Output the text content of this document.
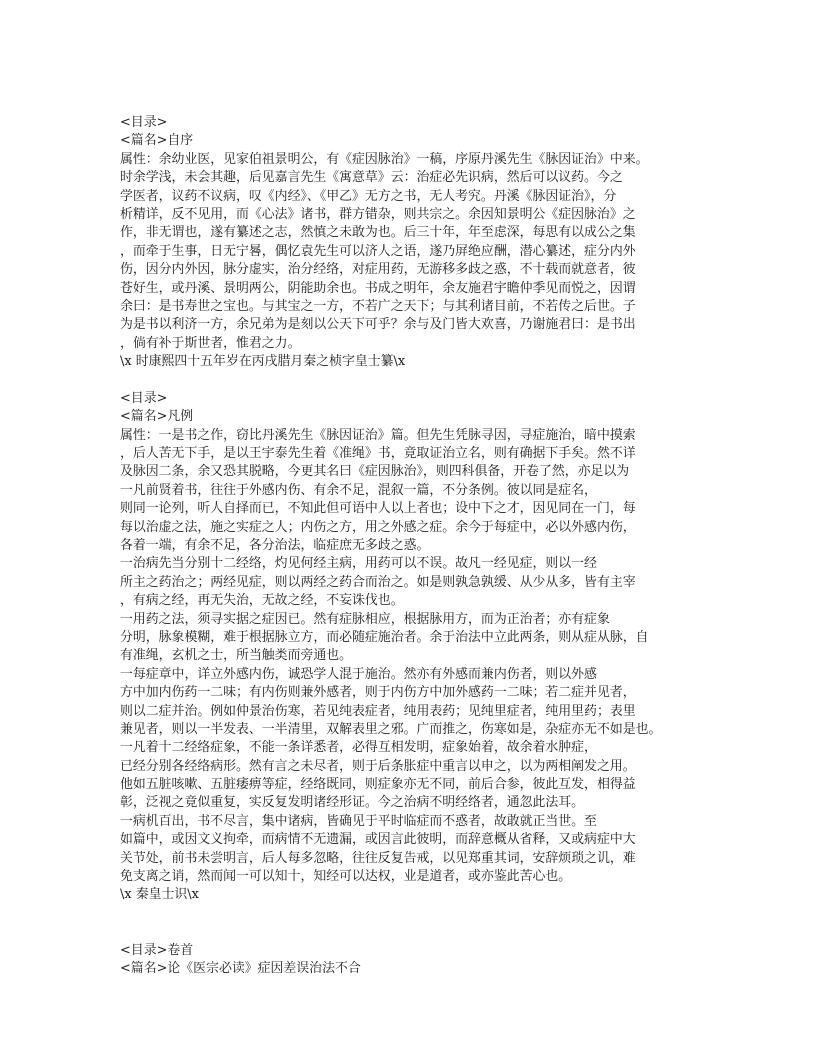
<目录>
<篇名>自序
属性：余幼业医，见家伯祖景明公，有《症因脉治》一稿，序原丹溪先生《脉因证治》中来。
时余学浅，未会其趣，后见嘉言先生《寓意草》云：治症必先识病，然后可以议药。今之
学医者，议药不议病，叹《内经》、《甲乙》无方之书，无人考究。丹溪《脉因证治》，分
析精详，反不见用，而《心法》诸书，群方错杂，则共宗之。余因知景明公《症因脉治》之
作，非无谓也，遂有纂述之志，然慎之未敢为也。后三十年，年至虑深，每思有以成公之集
，而牵于生事，日无宁晷，偶忆袁先生可以济人之语，遂乃屏绝应酬，潜心纂述，症分内外
伤，因分内外因，脉分虚实，治分经络，对症用药，无游移多歧之惑，不十载而就意者，彼
苍好生，或丹溪、景明两公，阴能助余也。书成之明年，余友施君宇瞻仲季见而悦之，因谓
余曰：是书寿世之宝也。与其宝之一方，不若广之天下；与其利诸目前，不若传之后世。子
为是书以利济一方，余兄弟为是刻以公天下可乎？余与及门皆大欢喜，乃谢施君曰：是书出
，倘有补于斯世者，惟君之力。
\x 时康熙四十五年岁在丙戌腊月秦之桢字皇士纂\x
<目录>
<篇名>凡例
属性：一是书之作，窃比丹溪先生《脉因证治》篇。但先生凭脉寻因，寻症施治，暗中摸索
，后人苦无下手，是以王宇泰先生着《准绳》书，竟取证治立名，则有确据下手矣。然不详
及脉因二条，余又恐其脱略，今更其名曰《症因脉治》，则四科俱备，开卷了然，亦足以为
一凡前贤着书，往往于外感内伤、有余不足，混叙一篇，不分条例。彼以同是症名，
则同一论列，听人自择而已，不知此但可语中人以上者也；设中下之才，因见同在一门，每
每以治虚之法，施之实症之人；内伤之方，用之外感之症。余今于每症中，必以外感内伤，
各着一端，有余不足，各分治法，临症庶无多歧之惑。
一治病先当分别十二经络，灼见何经主病，用药可以不误。故凡一经见症，则以一经
所主之药治之；两经见症，则以两经之药合而治之。如是则孰急孰缓、从少从多，皆有主宰
，有病之经，再无失治，无故之经，不妄诛伐也。
一用药之法，须寻实据之症因已。然有症脉相应，根据脉用方，而为正治者；亦有症象
分明，脉象模糊，难于根据脉立方，而必随症施治者。余于治法中立此两条，则从症从脉，自
有准绳，玄机之士，所当触类而旁通也。
一每症章中，详立外感内伤，诚恐学人混于施治。然亦有外感而兼内伤者，则以外感
方中加内伤药一二味；有内伤则兼外感者，则于内伤方中加外感药一二味；若二症并见者，
则以二症并治。例如仲景治伤寒，若见纯表症者，纯用表药；见纯里症者，纯用里药；表里
兼见者，则以一半发表、一半清里，双解表里之邪。广而推之，伤寒如是，杂症亦无不如是也。
一凡着十二经络症象，不能一条详悉者，必得互相发明，症象始着，故余着水肿症，
已经分别各经络病形。然有言之未尽者，则于后条胀症中重言以申之，以为两相阐发之用。
他如五脏咳嗽、五脏痿痹等症，经络既同，则症象亦无不同，前后合参，彼此互发，相得益
彰，泛视之竟似重复，实反复发明诸经形证。今之治病不明经络者，通忽此法耳。
一病机百出，书不尽言，集中诸病，皆确见于平时临症而不惑者，故敢就正当世。至
如篇中，或因文义拘牵，而病情不无遗漏，或因言此彼明，而辞意概从省释，又或病症中大
关节处，前书未尝明言，后人每多忽略，往往反复告戒，以见郑重其词，安辞烦琐之讥，难
免支离之诮，然而闻一可以知十，知经可以达权，业是道者，或亦鉴此苦心也。
\x 秦皇士识\x
<目录>卷首
<篇名>论《医宗必读》症因差误治法不合
